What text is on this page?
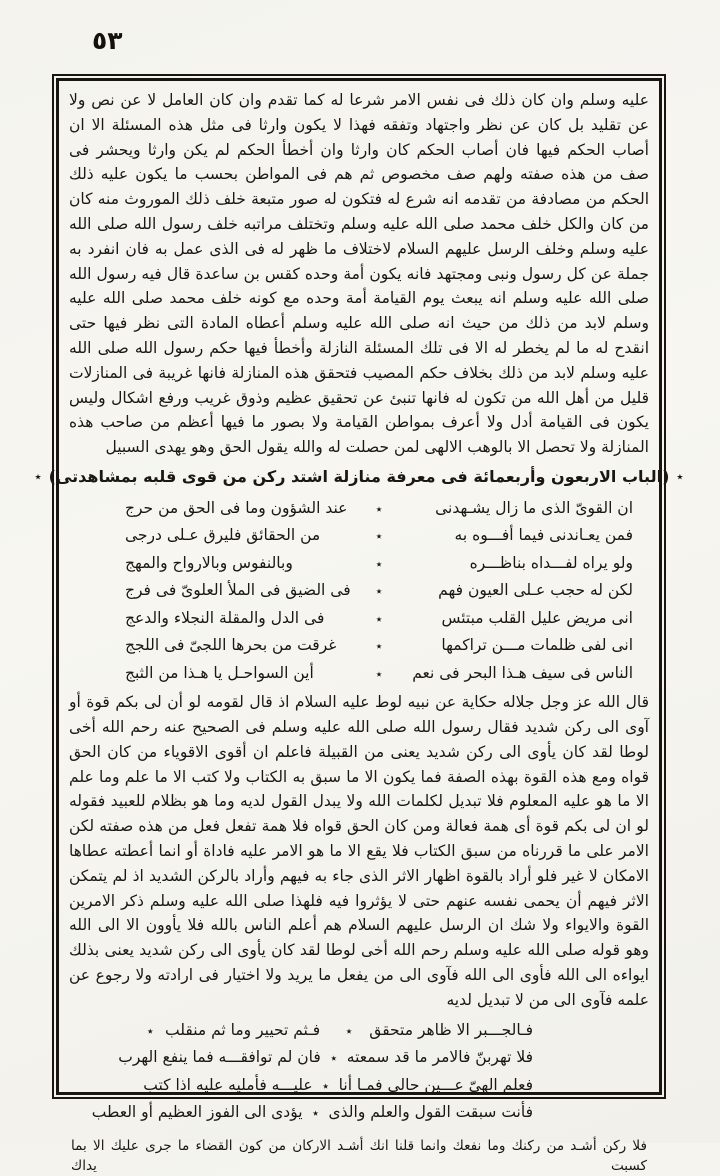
٥٣

عليه وسلم وان كان ذلك فى نفس الامر شرعا له كما تقدم وان كان العامل لا عن نص ولا عن تقليد بل كان عن نظر واجتهاد وتفقه فهذا لا يكون وارثا فى مثل هذه المسئلة الا ان أصاب الحكم فيها فان أصاب الحكم كان وارثا وان أخطأ الحكم لم يكن وارثا ويحشر فى صف من هذه صفته ولهم صف مخصوص ثم هم فى المواطن بحسب ما يكون عليه ذلك الحكم من مصادفة من تقدمه انه شرع له فتكون له صور متبعة خلف ذلك الموروث منه كان من كان والكل خلف محمد صلى الله عليه وسلم وتختلف مراتبه خلف رسول الله صلى الله عليه وسلم وخلف الرسل عليهم السلام لاختلاف ما ظهر له فى الذى عمل به فان انفرد به جملة عن كل رسول ونبى ومجتهد فانه يكون أمة وحده كقس بن ساعدة قال فيه رسول الله صلى الله عليه وسلم انه يبعث يوم القيامة أمة وحده مع كونه خلف محمد صلى الله عليه وسلم لابد من ذلك من حيث انه صلى الله عليه وسلم أعطاه المادة التى نظر فيها حتى انقدح له ما لم يخطر له الا فى تلك المسئلة النازلة وأخطأ فيها حكم رسول الله صلى الله عليه وسلم لابد من ذلك بخلاف حكم المصيب فتحقق هذه المنازلة فانها غريبة فى المنازلات قليل من أهل الله من تكون له فانها تنبئ عن تحقيق عظيم وذوق غريب ورفع اشكال وليس يكون فى القيامة أدل ولا أعرف بمواطن القيامة ولا بصور ما فيها أعظم من صاحب هذه المنازلة ولا تحصل الا بالوهب الالهى لمن حصلت له والله يقول الحق وهو يهدى السبيل

٭
(الباب الاربعون وأربعمائة فى معرفة منازلة اشتد ركن من قوى قلبه بمشاهدتى)
٭
ان القوىّ الذى ما زال يشـهدنى
٭
عند الشؤون وما فى الحق من حرج
فمن يعـاندنى فيما أفـــوه به
٭
من الحقائق فليرق عـلى درجى
ولو يراه لفـــداه بناظـــره
٭
وبالنفوس وبالارواح والمهج
لكن له حجب عـلى العيون فهم
٭
فى الضيق فى الملأ العلوىّ فى فرج
انى مريض عليل القلب مبتئس
٭
فى الدل والمقلة النجلاء والدعج
انى لفى ظلمات مـــن تراكمها
٭
غرقت من بحرها اللجىّ فى اللجج
الناس فى سيف هـذا البحر فى نعم
٭
أين السواحـل يا هـذا من الثبج

قال الله عز وجل جلاله حكاية عن نبيه لوط عليه السلام اذ قال لقومه لو أن لى بكم قوة أو آوى الى ركن شديد فقال رسول الله صلى الله عليه وسلم فى الصحيح عنه رحم الله أخى لوطا لقد كان يأوى الى ركن شديد يعنى من القبيلة فاعلم ان أقوى الاقوياء من كان الحق قواه ومع هذه القوة بهذه الصفة فما يكون الا ما سبق به الكتاب ولا كتب الا ما علم وما علم الا ما هو عليه المعلوم فلا تبديل لكلمات الله ولا يبدل القول لديه وما هو بظلام للعبيد فقوله لو ان لى بكم قوة أى همة فعالة ومن كان الحق قواه فلا همة تفعل فعل من هذه صفته لكن الامر على ما قررناه من سبق الكتاب فلا يقع الا ما هو الامر عليه فاداة أو انما أعطته عطاها الامكان لا غير فلو أراد بالقوة اظهار الاثر الذى جاء به فيهم وأراد بالركن الشديد اذ لم يتمكن الاثر فيهم أن يحمى نفسه عنهم حتى لا يؤثروا فيه فلهذا صلى الله عليه وسلم ذكر الامرين القوة والايواء ولا شك ان الرسل عليهم السلام هم أعلم الناس بالله فلا يأوون الا الى الله وهو قوله صلى الله عليه وسلم رحم الله أخى لوطا لقد كان يأوى الى ركن شديد يعنى بذلك ايواءه الى الله فأوى الى الله فآوى الى من يفعل ما يريد ولا اختيار فى ارادته ولا رجوع عن علمه فآوى الى من لا تبديل لديه

فـالجـــبر الا ظاهر متحقق
٭
فـثم تحيير وما ثم منقلب
٭
فلا تهربنّ فالامر ما قد سمعته
٭
فان لم توافقـــه فما ينفع الهرب
فعلم الهىّ عـــين حالى فمـا أنا
٭
عليـــه فأمليه عليه اذا كتب
فأنت سبقت القول والعلم والذى
٭
يؤدى الى الفوز العظيم أو العطب

فلا ركن أشـد من ركنك وما نفعك وانما قلنا انك أشـد الاركان من كون القضاء ما جرى عليك الا بما كسبت يداك
